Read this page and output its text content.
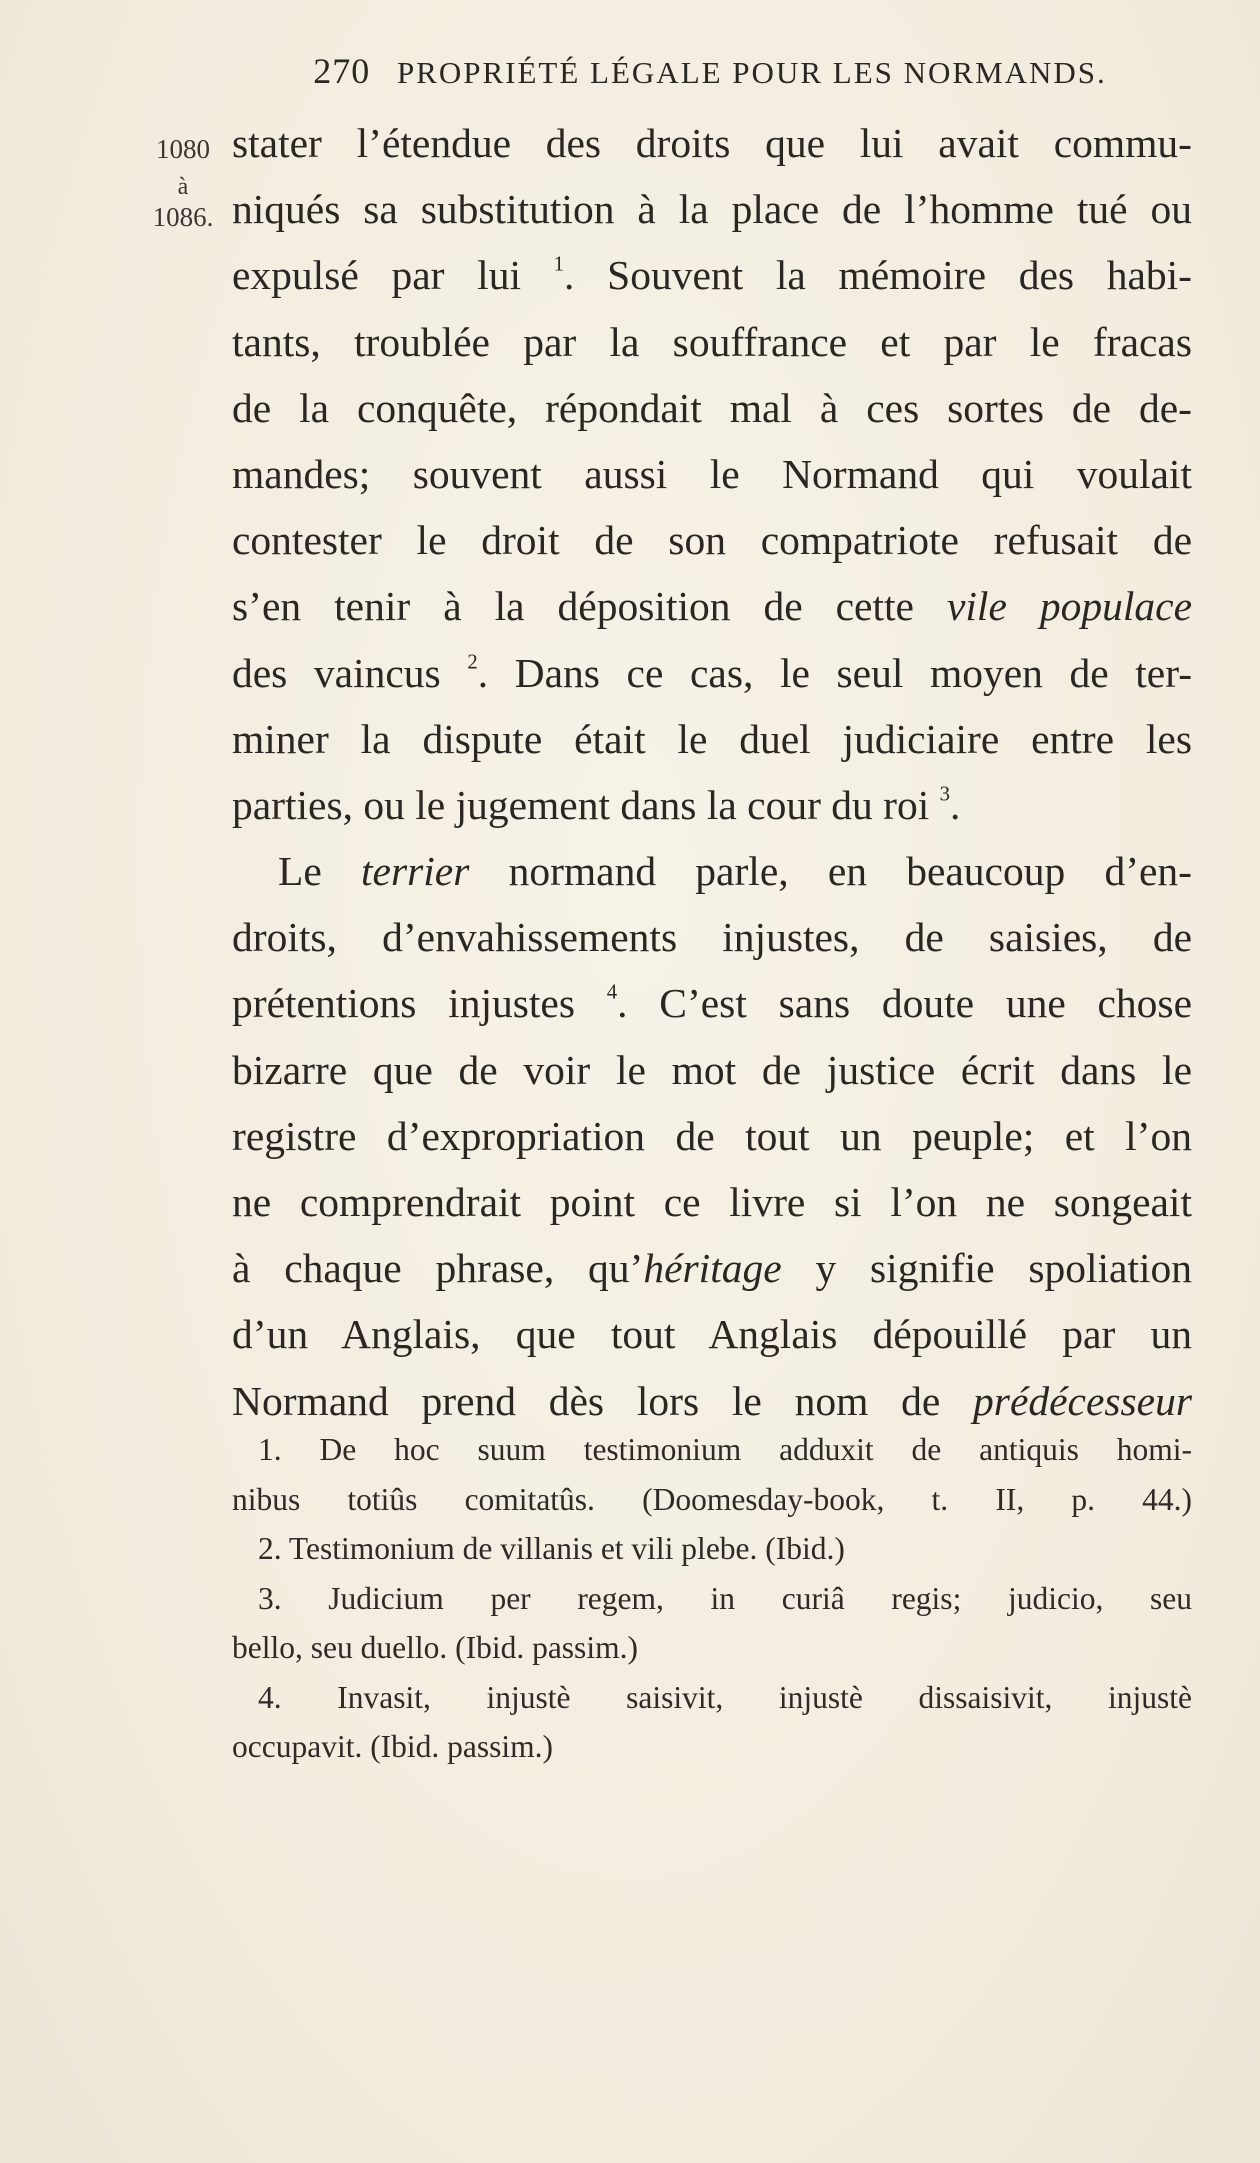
270 PROPRIÉTÉ LÉGALE POUR LES NORMANDS.
1080
à
1086.
stater l’étendue des droits que lui avait commu-
niqués sa substitution à la place de l’homme tué ou
expulsé par lui $^1$. Souvent la mémoire des habi-
tants, troublée par la souffrance et par le fracas
de la conquête, répondait mal à ces sortes de de-
mandes; souvent aussi le Normand qui voulait
contester le droit de son compatriote refusait de
s’en tenir à la déposition de cette vile populace
des vaincus $^2$. Dans ce cas, le seul moyen de ter-
miner la dispute était le duel judiciaire entre les
parties, ou le jugement dans la cour du roi $^3$.
Le terrier normand parle, en beaucoup d’en-
droits, d’envahissements injustes, de saisies, de
prétentions injustes $^4$. C’est sans doute une chose
bizarre que de voir le mot de justice écrit dans le
registre d’expropriation de tout un peuple; et l’on
ne comprendrait point ce livre si l’on ne songeait
à chaque phrase, qu’héritage y signifie spoliation
d’un Anglais, que tout Anglais dépouillé par un
Normand prend dès lors le nom de prédécesseur
1. De hoc suum testimonium adduxit de antiquis homi-
nibus totiûs comitatûs. (Doomesday-book, t. II, p. 44.)
2. Testimonium de villanis et vili plebe. (Ibid.)
3. Judicium per regem, in curiâ regis; judicio, seu
bello, seu duello. (Ibid. passim.)
4. Invasit, injustè saisivit, injustè dissaisivit, injustè
occupavit. (Ibid. passim.)
